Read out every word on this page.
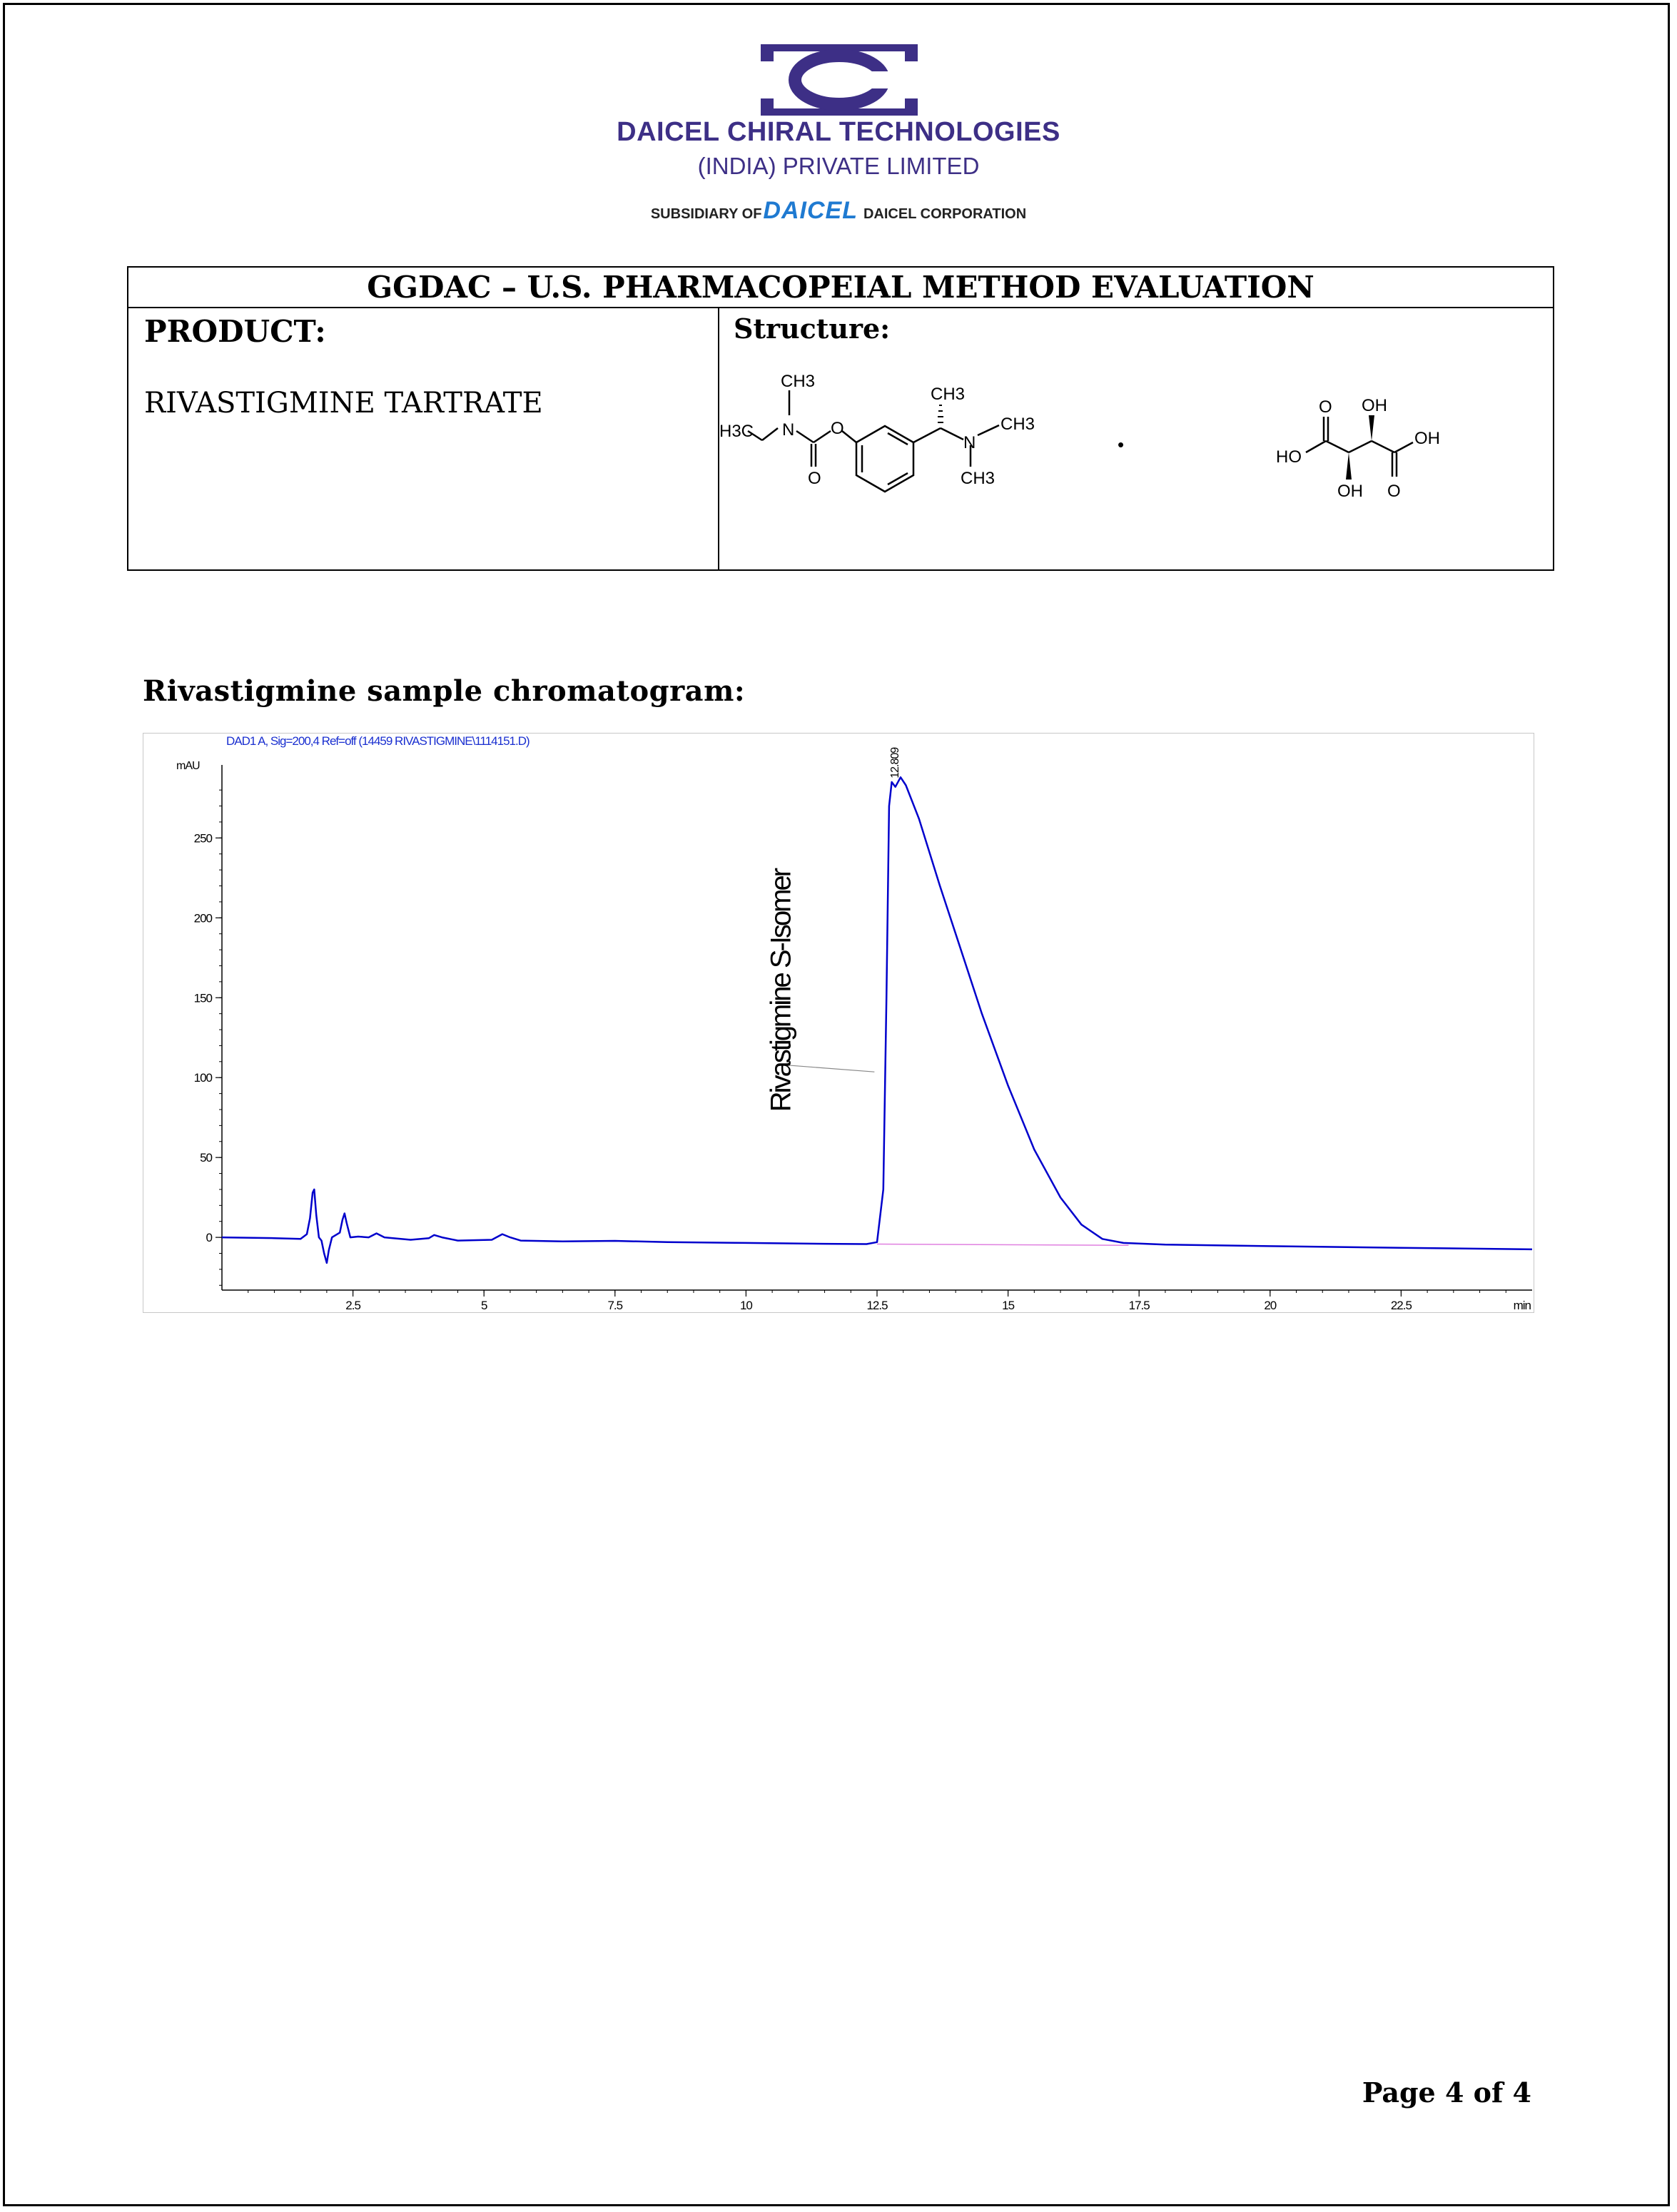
DAICEL CHIRAL TECHNOLOGIES
(INDIA) PRIVATE LIMITED
SUBSIDIARY OFDAICEL DAICEL CORPORATION
GGDAC – U.S. PHARMACOPEIAL METHOD EVALUATION
PRODUCT:
RIVASTIGMINE TARTRATE
Structure:
CH3
H3C N O
O
CH3
N
CH3
CH3
•
O OH
HO
OH
OH O
Rivastigmine sample chromatogram:
DAD1 A, Sig=200,4 Ref=off (14459 RIVASTIGMINE\1114151.D)
mAU
0
50
100
150
200
250
2.5	5	7.5	10	12.5	15	17.5	20	22.5	min
Rivastigmine S-Isomer
12.809
Page 4 of 4
